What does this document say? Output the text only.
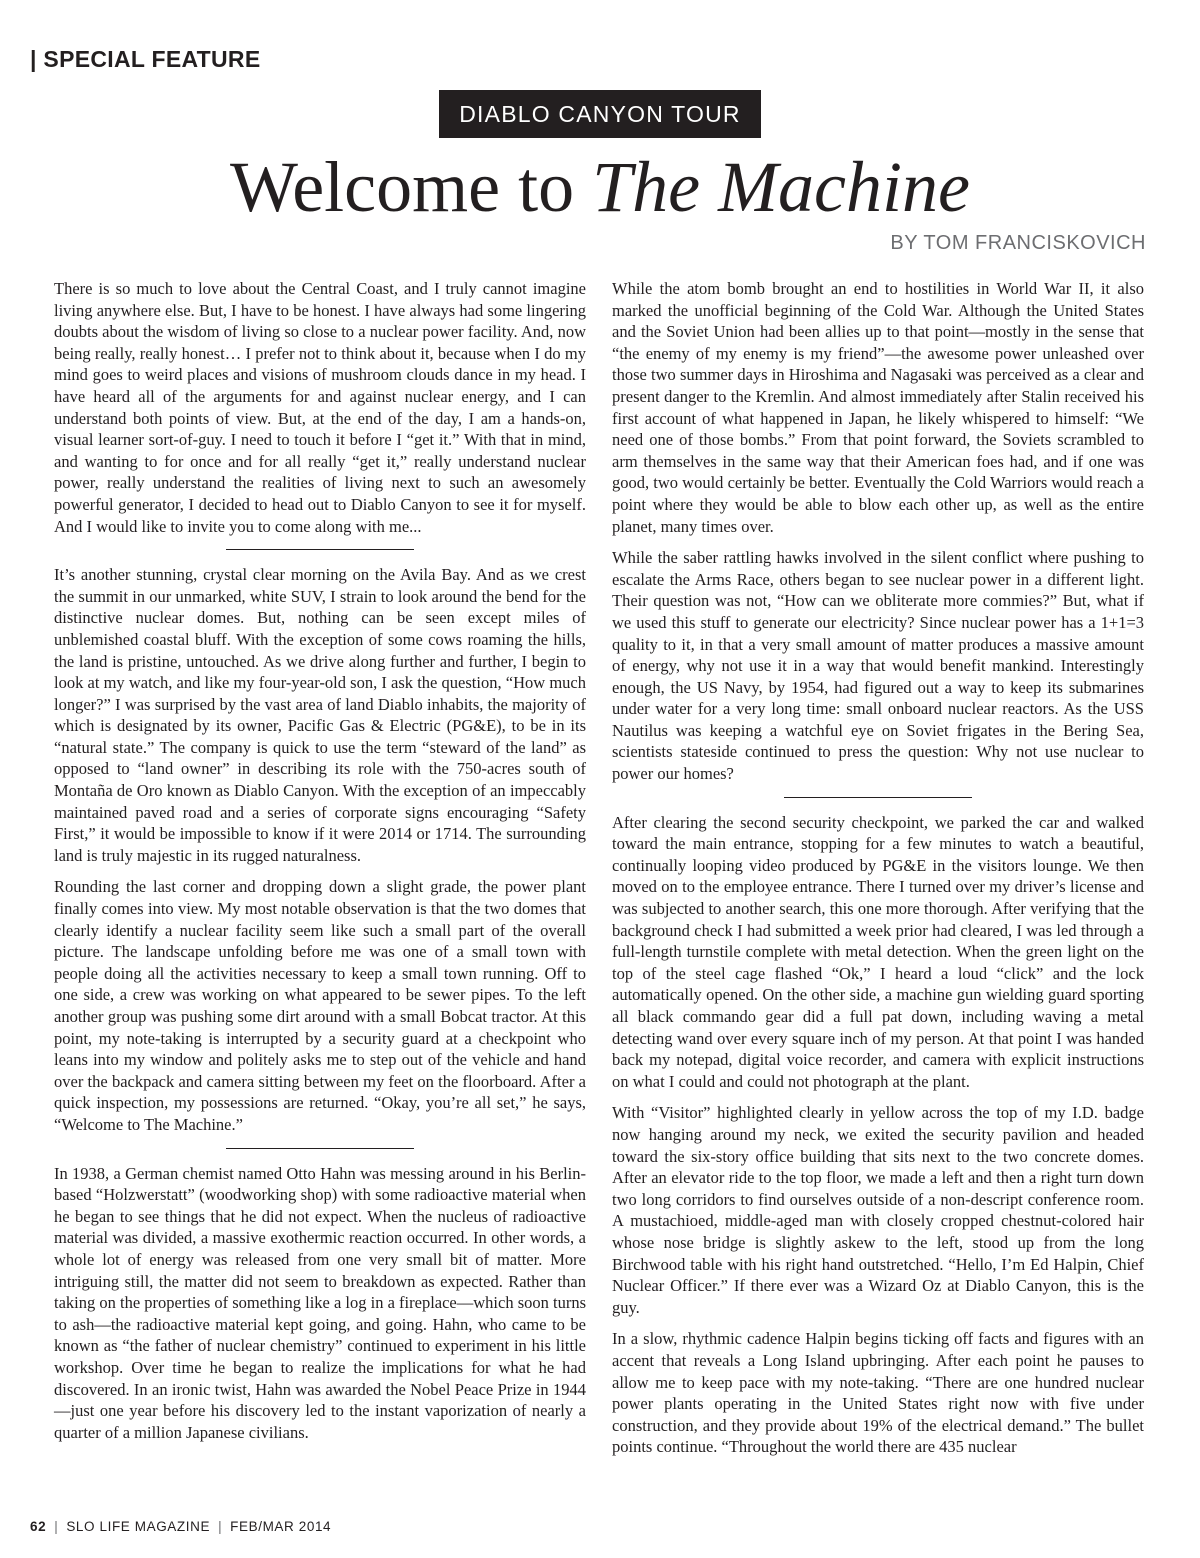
| SPECIAL FEATURE
DIABLO CANYON TOUR
Welcome to The Machine
BY TOM FRANCISKOVICH

There is so much to love about the Central Coast, and I truly cannot imagine living anywhere else. But, I have to be honest. I have always had some lingering doubts about the wisdom of living so close to a nuclear power facility. And, now being really, really honest… I prefer not to think about it, because when I do my mind goes to weird places and visions of mushroom clouds dance in my head. I have heard all of the arguments for and against nuclear energy, and I can understand both points of view. But, at the end of the day, I am a hands-on, visual learner sort-of-guy. I need to touch it before I “get it.” With that in mind, and wanting to for once and for all really “get it,” really understand nuclear power, really understand the realities of living next to such an awesomely powerful generator, I decided to head out to Diablo Canyon to see it for myself. And I would like to invite you to come along with me...

It’s another stunning, crystal clear morning on the Avila Bay. And as we crest the summit in our unmarked, white SUV, I strain to look around the bend for the distinctive nuclear domes. But, nothing can be seen except miles of unblemished coastal bluff. With the exception of some cows roaming the hills, the land is pristine, untouched. As we drive along further and further, I begin to look at my watch, and like my four-year-old son, I ask the question, “How much longer?” I was surprised by the vast area of land Diablo inhabits, the majority of which is designated by its owner, Pacific Gas & Electric (PG&E), to be in its “natural state.” The company is quick to use the term “steward of the land” as opposed to “land owner” in describing its role with the 750-acres south of Montaña de Oro known as Diablo Canyon. With the exception of an impeccably maintained paved road and a series of corporate signs encouraging “Safety First,” it would be impossible to know if it were 2014 or 1714. The surrounding land is truly majestic in its rugged naturalness.

Rounding the last corner and dropping down a slight grade, the power plant finally comes into view. My most notable observation is that the two domes that clearly identify a nuclear facility seem like such a small part of the overall picture. The landscape unfolding before me was one of a small town with people doing all the activities necessary to keep a small town running. Off to one side, a crew was working on what appeared to be sewer pipes. To the left another group was pushing some dirt around with a small Bobcat tractor. At this point, my note-taking is interrupted by a security guard at a checkpoint who leans into my window and politely asks me to step out of the vehicle and hand over the backpack and camera sitting between my feet on the floorboard. After a quick inspection, my possessions are returned. “Okay, you’re all set,” he says, “Welcome to The Machine.”

In 1938, a German chemist named Otto Hahn was messing around in his Berlin-based “Holzwerstatt” (woodworking shop) with some radioactive material when he began to see things that he did not expect. When the nucleus of radioactive material was divided, a massive exothermic reaction occurred. In other words, a whole lot of energy was released from one very small bit of matter. More intriguing still, the matter did not seem to breakdown as expected. Rather than taking on the properties of something like a log in a fireplace—which soon turns to ash—the radioactive material kept going, and going. Hahn, who came to be known as “the father of nuclear chemistry” continued to experiment in his little workshop. Over time he began to realize the implications for what he had discovered. In an ironic twist, Hahn was awarded the Nobel Peace Prize in 1944—just one year before his discovery led to the instant vaporization of nearly a quarter of a million Japanese civilians.

While the atom bomb brought an end to hostilities in World War II, it also marked the unofficial beginning of the Cold War. Although the United States and the Soviet Union had been allies up to that point—mostly in the sense that “the enemy of my enemy is my friend”—the awesome power unleashed over those two summer days in Hiroshima and Nagasaki was perceived as a clear and present danger to the Kremlin. And almost immediately after Stalin received his first account of what happened in Japan, he likely whispered to himself: “We need one of those bombs.” From that point forward, the Soviets scrambled to arm themselves in the same way that their American foes had, and if one was good, two would certainly be better. Eventually the Cold Warriors would reach a point where they would be able to blow each other up, as well as the entire planet, many times over.

While the saber rattling hawks involved in the silent conflict where pushing to escalate the Arms Race, others began to see nuclear power in a different light. Their question was not, “How can we obliterate more commies?” But, what if we used this stuff to generate our electricity? Since nuclear power has a 1+1=3 quality to it, in that a very small amount of matter produces a massive amount of energy, why not use it in a way that would benefit mankind. Interestingly enough, the US Navy, by 1954, had figured out a way to keep its submarines under water for a very long time: small onboard nuclear reactors. As the USS Nautilus was keeping a watchful eye on Soviet frigates in the Bering Sea, scientists stateside continued to press the question: Why not use nuclear to power our homes?

After clearing the second security checkpoint, we parked the car and walked toward the main entrance, stopping for a few minutes to watch a beautiful, continually looping video produced by PG&E in the visitors lounge. We then moved on to the employee entrance. There I turned over my driver’s license and was subjected to another search, this one more thorough. After verifying that the background check I had submitted a week prior had cleared, I was led through a full-length turnstile complete with metal detection. When the green light on the top of the steel cage flashed “Ok,” I heard a loud “click” and the lock automatically opened. On the other side, a machine gun wielding guard sporting all black commando gear did a full pat down, including waving a metal detecting wand over every square inch of my person. At that point I was handed back my notepad, digital voice recorder, and camera with explicit instructions on what I could and could not photograph at the plant.

With “Visitor” highlighted clearly in yellow across the top of my I.D. badge now hanging around my neck, we exited the security pavilion and headed toward the six-story office building that sits next to the two concrete domes. After an elevator ride to the top floor, we made a left and then a right turn down two long corridors to find ourselves outside of a non-descript conference room. A mustachioed, middle-aged man with closely cropped chestnut-colored hair whose nose bridge is slightly askew to the left, stood up from the long Birchwood table with his right hand outstretched. “Hello, I’m Ed Halpin, Chief Nuclear Officer.” If there ever was a Wizard Oz at Diablo Canyon, this is the guy.

In a slow, rhythmic cadence Halpin begins ticking off facts and figures with an accent that reveals a Long Island upbringing. After each point he pauses to allow me to keep pace with my note-taking. “There are one hundred nuclear power plants operating in the United States right now with five under construction, and they provide about 19% of the electrical demand.” The bullet points continue. “Throughout the world there are 435 nuclear

62 | SLO LIFE MAGAZINE | FEB/MAR 2014
